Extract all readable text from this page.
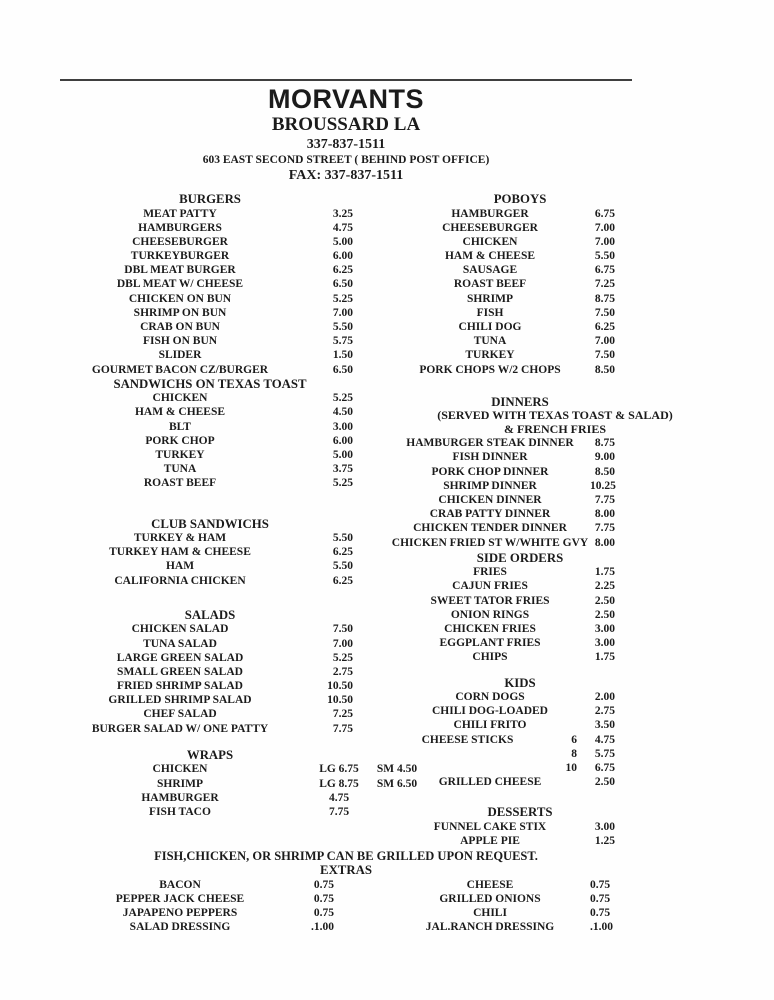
MORVANTS
BROUSSARD LA
337-837-1511
603 EAST SECOND STREET ( BEHIND POST OFFICE)
FAX: 337-837-1511
BURGERS
MEAT PATTY	3.25
HAMBURGERS	4.75
CHEESEBURGER	5.00
TURKEYBURGER	6.00
DBL MEAT BURGER	6.25
DBL MEAT W/ CHEESE	6.50
CHICKEN ON BUN	5.25
SHRIMP ON BUN	7.00
CRAB ON BUN	5.50
FISH ON BUN	5.75
SLIDER	1.50
GOURMET BACON CZ/BURGER	6.50
SANDWICHS ON TEXAS TOAST
CHICKEN	5.25
HAM & CHEESE	4.50
BLT	3.00
PORK CHOP	6.00
TURKEY	5.00
TUNA	3.75
ROAST BEEF	5.25
CLUB SANDWICHS
TURKEY & HAM	5.50
TURKEY HAM & CHEESE	6.25
HAM	5.50
CALIFORNIA CHICKEN	6.25
SALADS
CHICKEN SALAD	7.50
TUNA SALAD	7.00
LARGE GREEN SALAD	5.25
SMALL GREEN SALAD	2.75
FRIED SHRIMP SALAD	10.50
GRILLED SHRIMP SALAD	10.50
CHEF SALAD	7.25
BURGER SALAD W/ ONE PATTY	7.75
WRAPS
CHICKEN	LG 6.75	SM 4.50
SHRIMP	LG 8.75	SM 6.50
HAMBURGER	4.75
FISH TACO	7.75
POBOYS
HAMBURGER	6.75
CHEESEBURGER	7.00
CHICKEN	7.00
HAM & CHEESE	5.50
SAUSAGE	6.75
ROAST BEEF	7.25
SHRIMP	8.75
FISH	7.50
CHILI DOG	6.25
TUNA	7.00
TURKEY	7.50
PORK CHOPS W/2 CHOPS	8.50
DINNERS
(SERVED WITH TEXAS TOAST & SALAD)
& FRENCH FRIES
HAMBURGER STEAK DINNER	8.75
FISH DINNER	9.00
PORK CHOP DINNER	8.50
SHRIMP DINNER	10.25
CHICKEN DINNER	7.75
CRAB PATTY DINNER	8.00
CHICKEN TENDER DINNER	7.75
CHICKEN FRIED ST W/WHITE GVY 8.00
SIDE ORDERS
FRIES	1.75
CAJUN FRIES	2.25
SWEET TATOR FRIES	2.50
ONION RINGS	2.50
CHICKEN FRIES	3.00
EGGPLANT FRIES	3.00
CHIPS	1.75
KIDS
CORN DOGS	2.00
CHILI DOG-LOADED	2.75
CHILI FRITO	3.50
CHEESE STICKS	6	4.75
8	5.75
10	6.75
GRILLED CHEESE	2.50
DESSERTS
FUNNEL CAKE STIX	3.00
APPLE PIE	1.25
FISH,CHICKEN, OR SHRIMP CAN BE GRILLED UPON REQUEST.
EXTRAS
BACON	0.75	CHEESE	0.75
PEPPER JACK CHEESE	0.75	GRILLED ONIONS	0.75
JAPAPENO PEPPERS	0.75	CHILI	0.75
SALAD DRESSING	.1.00	JAL.RANCH DRESSING	.1.00
